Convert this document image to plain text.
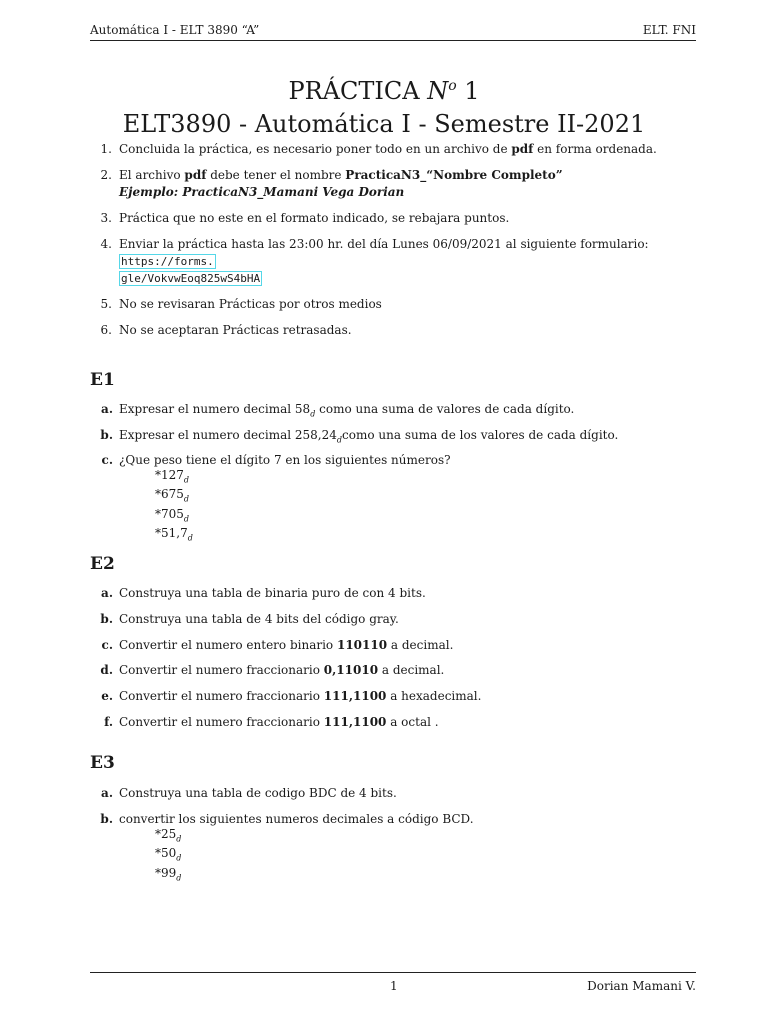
Automática I - ELT 3890 “A”	ELT. FNI
PRÁCTICA $N^o$ 1
ELT3890 - Automática I - Semestre II-2021
1. Concluida la práctica, es necesario poner todo en un archivo de pdf en forma ordenada.
2. El archivo pdf debe tener el nombre PracticaN3_“Nombre Completo”
Ejemplo: PracticaN3_Mamani Vega Dorian
3. Práctica que no este en el formato indicado, se rebajara puntos.
4. Enviar la práctica hasta las 23:00 hr. del día Lunes 06/09/2021 al siguiente formulario: https://forms.
gle/VokvwEoq825wS4bHA
5. No se revisaran Prácticas por otros medios
6. No se aceptaran Prácticas retrasadas.
E1
a. Expresar el numero decimal $58_d$ como una suma de valores de cada dígito.
b. Expresar el numero decimal $258,24_dcomo$ una suma de los valores de cada dígito.
c. ¿Que peso tiene el dígito 7 en los siguientes números?
$*127_d$
$*675_d$
$*705_d$
$*51,7_d$
E2
a. Construya una tabla de binaria puro de con 4 bits.
b. Construya una tabla de 4 bits del código gray.
c. Convertir el numero entero binario 110110 a decimal.
d. Convertir el numero fraccionario 0,11010 a decimal.
e. Convertir el numero fraccionario 111,1100 a hexadecimal.
f. Convertir el numero fraccionario 111,1100 a octal .
E3
a. Construya una tabla de codigo BDC de 4 bits.
b. convertir los siguientes numeros decimales a código BCD.
$*25_d$
$*50_d$
$*99_d$
1	Dorian Mamani V.
